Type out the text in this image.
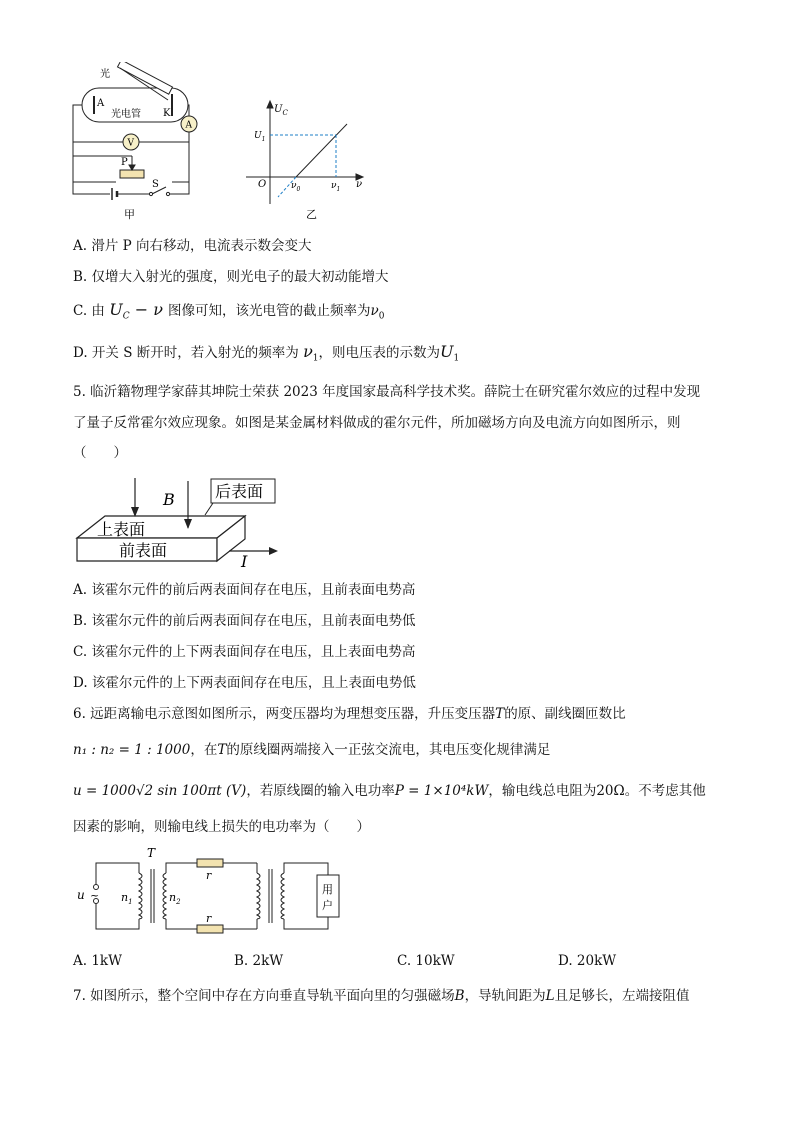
光
A
K
光电管
A
V
P
S
甲
$U_C$
$U_1$
O	$\nu_0$	$\nu_1$ ν
乙
A. 滑片 P 向右移动，电流表示数会变大
B. 仅增大入射光的强度，则光电子的最大初动能增大
C. 由 $U_C - \nu$ 图像可知，该光电管的截止频率为$\nu_0$
D. 开关 S 断开时，若入射光的频率为 $\nu_1$，则电压表的示数为$U_1$
5. 临沂籍物理学家薛其坤院士荣获 2023 年度国家最高科学技术奖。薛院士在研究霍尔效应的过程中发现
了量子反常霍尔效应现象。如图是某金属材料做成的霍尔元件，所加磁场方向及电流方向如图所示，则
（　　）
B	后表面
上表面
前表面
I
A. 该霍尔元件的前后两表面间存在电压，且前表面电势高
B. 该霍尔元件的前后两表面间存在电压，且前表面电势低
C. 该霍尔元件的上下两表面间存在电压，且上表面电势高
D. 该霍尔元件的上下两表面间存在电压，且上表面电势低
6. 远距离输电示意图如图所示，两变压器均为理想变压器，升压变压器T的原、副线圈匝数比
n₁ : n₂ = 1 : 1000，在T的原线圈两端接入一正弦交流电，其电压变化规律满足
u = 1000√2 sin 100πt (V)，若原线圈的输入电功率P = 1×10⁴kW，输电线总电阻为20Ω。不考虑其他
因素的影响，则输电线上损失的电功率为（　　）
T
u ~ $n_1$	$n_2$
r
r
用
户
A. 1kW	B. 2kW	C. 10kW	D. 20kW
7. 如图所示，整个空间中存在方向垂直导轨平面向里的匀强磁场B，导轨间距为L且足够长，左端接阻值
